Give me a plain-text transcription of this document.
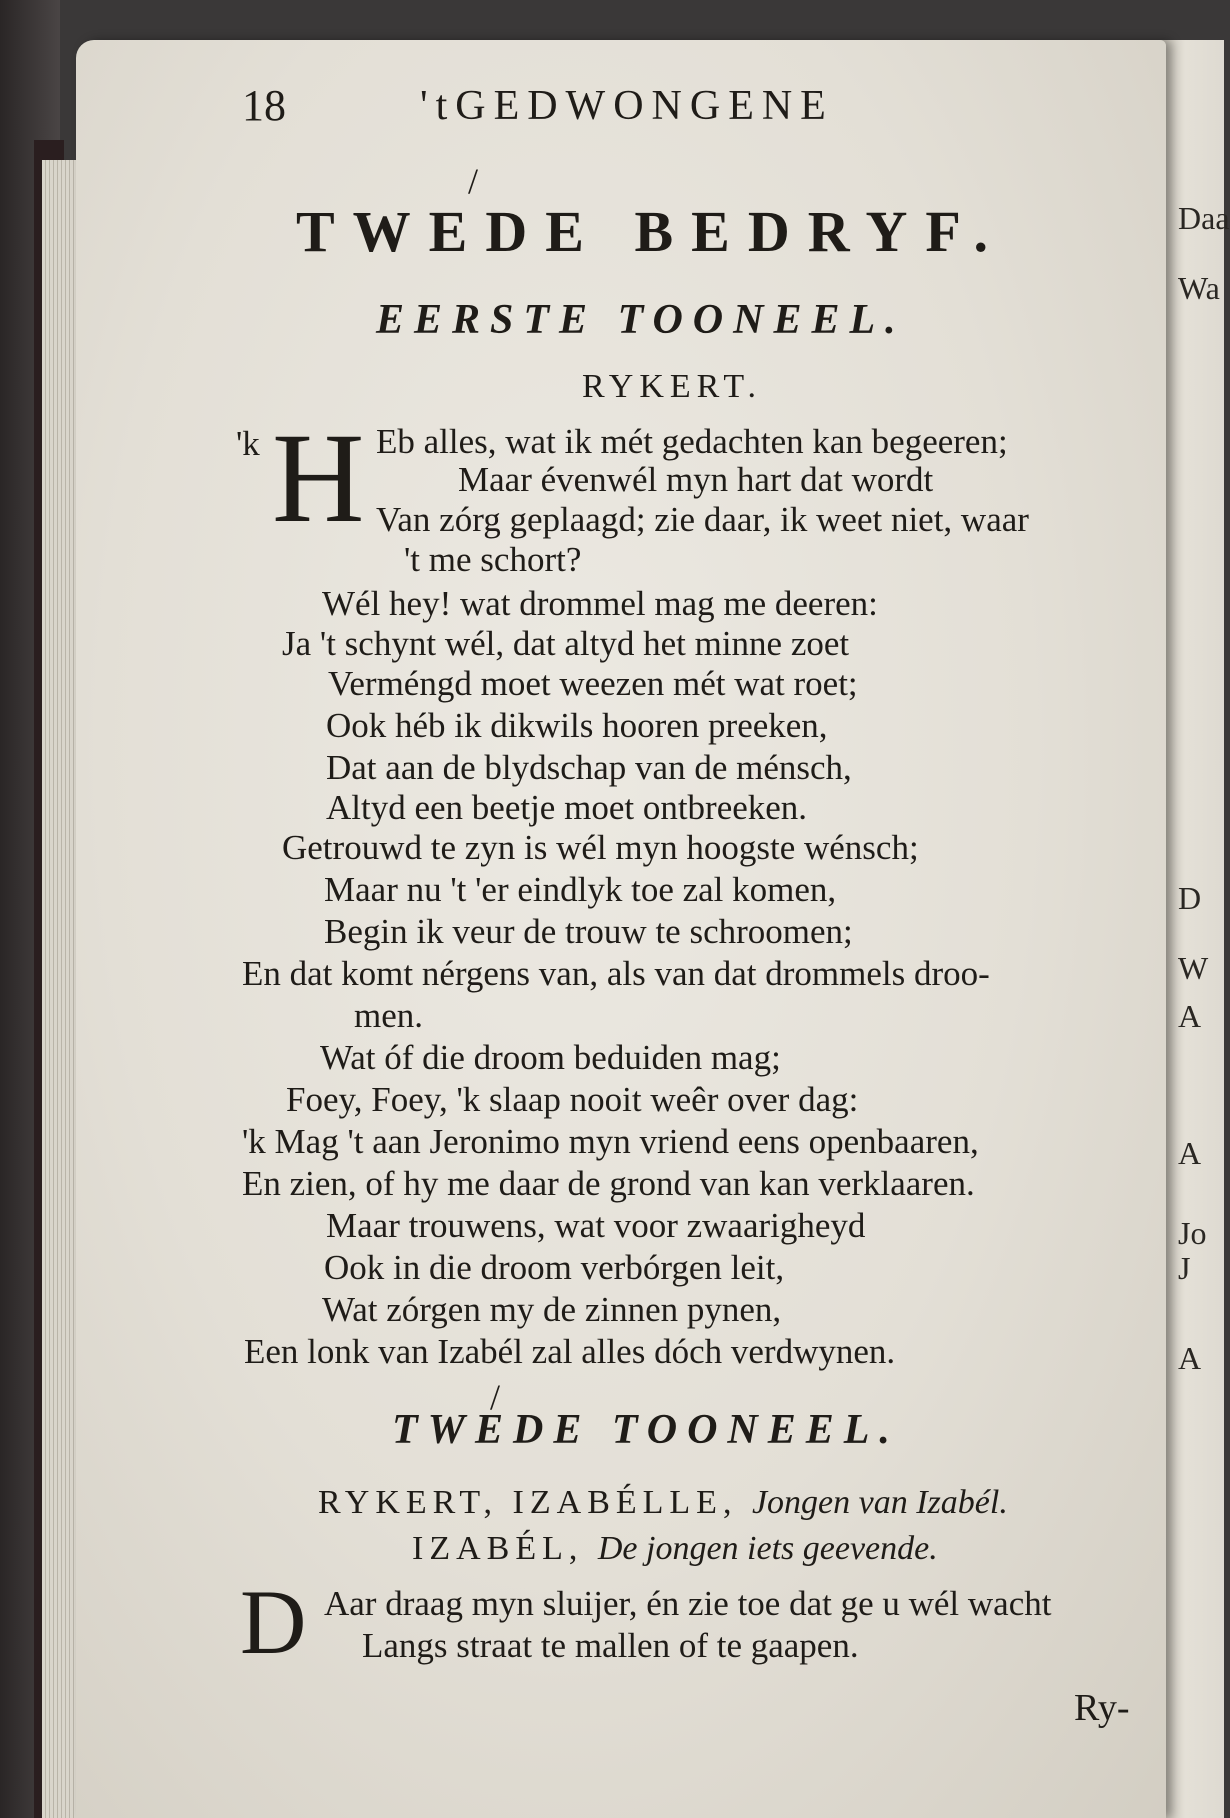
Daa
Wa
D
W
A
A
Jo
J
A
18	'tGEDWONGENE
/
TWEDE BEDRYF.
EERSTE TOONEEL.
RYKERT.
'k H Eb alles, wat ik mét gedachten kan begeeren;
Maar évenwél myn hart dat wordt
Van zórg geplaagd; zie daar, ik weet niet, waar
't me schort?
Wél hey! wat drommel mag me deeren:
Ja 't schynt wél, dat altyd het minne zoet
Verméngd moet weezen mét wat roet;
Ook héb ik dikwils hooren preeken,
Dat aan de blydschap van de ménsch,
Altyd een beetje moet ontbreeken.
Getrouwd te zyn is wél myn hoogste wénsch;
Maar nu 't 'er eindlyk toe zal komen,
Begin ik veur de trouw te schroomen;
En dat komt nérgens van, als van dat drommels droo-
men.
Wat óf die droom beduiden mag;
Foey, Foey, 'k slaap nooit weêr over dag:
'k Mag 't aan Jeronimo myn vriend eens openbaaren,
En zien, of hy me daar de grond van kan verklaaren.
Maar trouwens, wat voor zwaarigheyd
Ook in die droom verbórgen leit,
Wat zórgen my de zinnen pynen,
Een lonk van Izabél zal alles dóch verdwynen.
/
TWEDE TOONEEL.
RYKERT, IZABÉLLE, Jongen van Izabél.
IZABÉL, De jongen iets geevende.
D Aar draag myn sluijer, én zie toe dat ge u wél wacht
Langs straat te mallen of te gaapen.
Ry-
